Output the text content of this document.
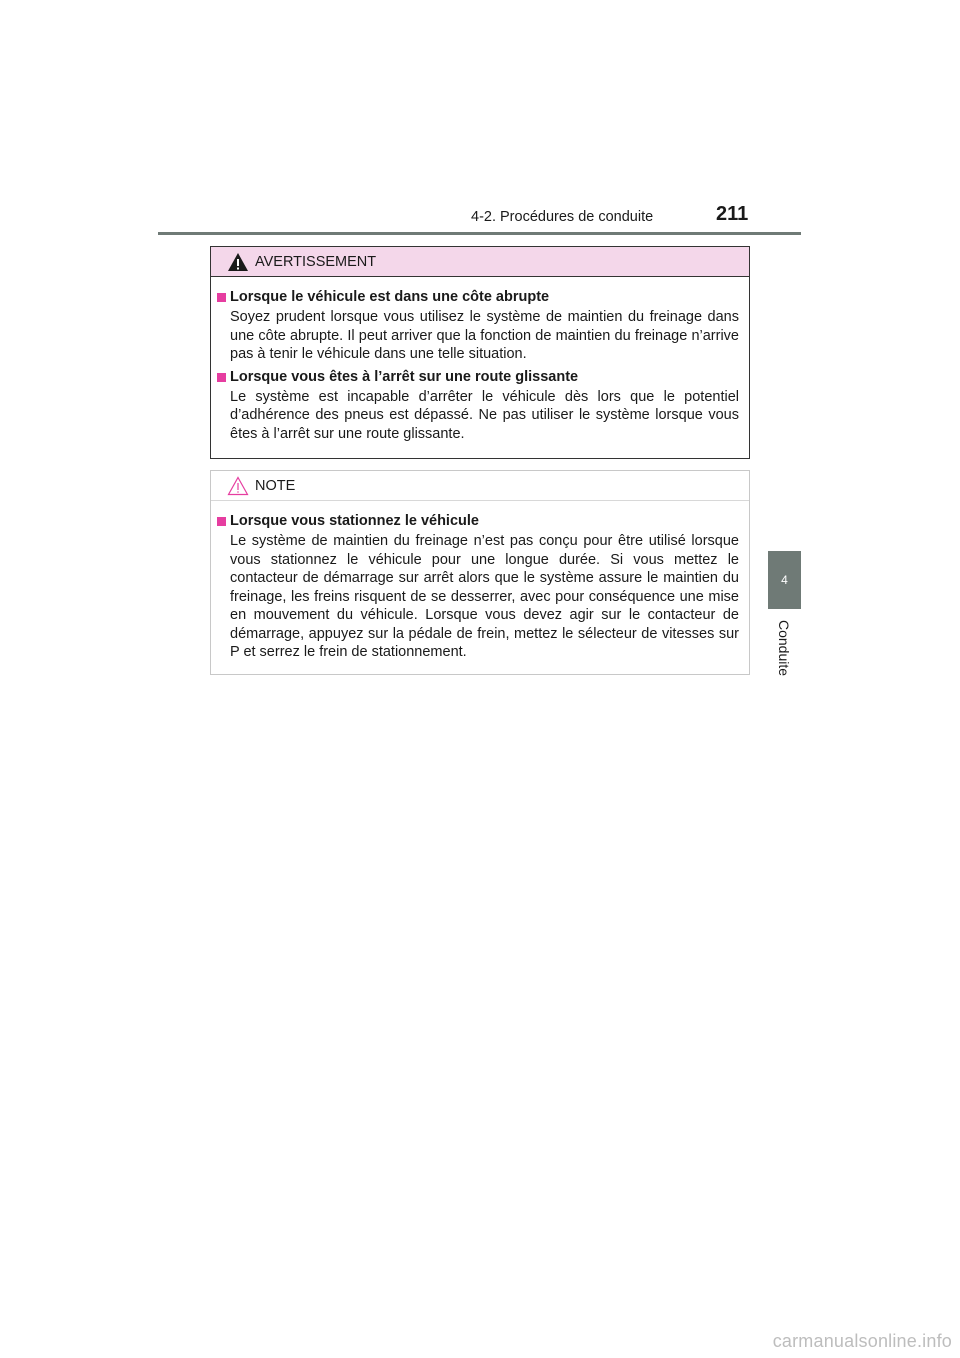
4-2. Procédures de conduite	211
4
Conduite
AVERTISSEMENT
Lorsque le véhicule est dans une côte abrupte
Soyez prudent lorsque vous utilisez le système de maintien du freinage dans une côte abrupte. Il peut arriver que la fonction de maintien du freinage n’arrive pas à tenir le véhicule dans une telle situation.
Lorsque vous êtes à l’arrêt sur une route glissante
Le système est incapable d’arrêter le véhicule dès lors que le potentiel d’adhérence des pneus est dépassé. Ne pas utiliser le système lorsque vous êtes à l’arrêt sur une route glissante.
NOTE
Lorsque vous stationnez le véhicule
Le système de maintien du freinage n’est pas conçu pour être utilisé lorsque vous stationnez le véhicule pour une longue durée. Si vous mettez le contacteur de démarrage sur arrêt alors que le système assure le maintien du freinage, les freins risquent de se desserrer, avec pour conséquence une mise en mouvement du véhicule. Lorsque vous devez agir sur le contacteur de démarrage, appuyez sur la pédale de frein, mettez le sélecteur de vitesses sur P et serrez le frein de stationnement.
carmanualsonline.info
